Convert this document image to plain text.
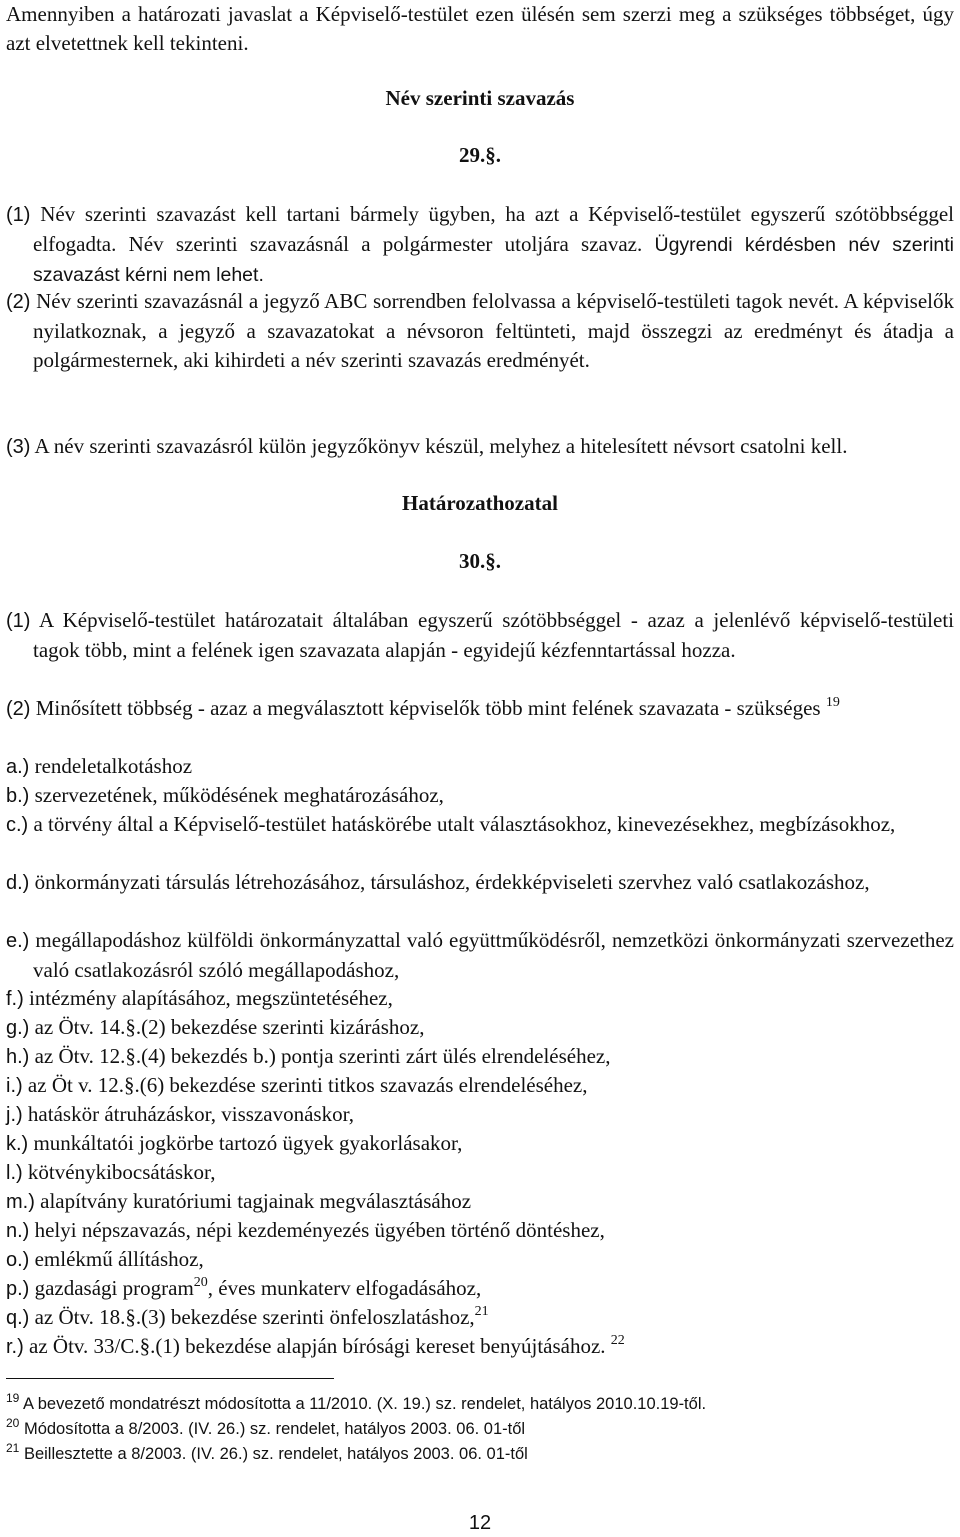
Amennyiben a határozati javaslat a Képviselő-testület ezen ülésén sem szerzi meg a szükséges többséget, úgy azt elvetettnek kell tekinteni.
Név szerinti szavazás
29.§.
(1) Név szerinti szavazást kell tartani bármely ügyben, ha azt a Képviselő-testület egyszerű szótöbbséggel elfogadta. Név szerinti szavazásnál a polgármester utoljára szavaz. Ügyrendi kérdésben név szerinti szavazást kérni nem lehet.
(2) Név szerinti szavazásnál a jegyző ABC sorrendben felolvassa a képviselő-testületi tagok nevét. A képviselők nyilatkoznak, a jegyző a szavazatokat a névsoron feltünteti, majd összegzi az eredményt és átadja a polgármesternek, aki kihirdeti a név szerinti szavazás eredményét.
(3) A név szerinti szavazásról külön jegyzőkönyv készül, melyhez a hitelesített névsort csatolni kell.
Határozathozatal
30.§.
(1) A Képviselő-testület határozatait általában egyszerű szótöbbséggel - azaz a jelenlévő képviselő-testületi tagok több, mint a felének igen szavazata alapján - egyidejű kézfenntartással hozza.
(2) Minősített többség - azaz a megválasztott képviselők több mint felének szavazata - szükséges $^{19}$
a.) rendeletalkotáshoz
b.) szervezetének, működésének meghatározásához,
c.) a törvény által a Képviselő-testület hatáskörébe utalt választásokhoz, kinevezésekhez, megbízásokhoz,
d.) önkormányzati társulás létrehozásához, társuláshoz, érdekképviseleti szervhez való csatlakozáshoz,
e.) megállapodáshoz külföldi önkormányzattal való együttműködésről, nemzetközi önkormányzati szervezethez való csatlakozásról szóló megállapodáshoz,
f.) intézmény alapításához, megszüntetéséhez,
g.) az Ötv. 14.§.(2) bekezdése szerinti kizáráshoz,
h.) az Ötv. 12.§.(4) bekezdés b.) pontja szerinti zárt ülés elrendeléséhez,
i.) az Öt v. 12.§.(6) bekezdése szerinti titkos szavazás elrendeléséhez,
j.) hatáskör átruházáskor, visszavonáskor,
k.) munkáltatói jogkörbe tartozó ügyek gyakorlásakor,
l.) kötvénykibocsátáskor,
m.) alapítvány kuratóriumi tagjainak megválasztásához
n.) helyi népszavazás, népi kezdeményezés ügyében történő döntéshez,
o.) emlékmű állításhoz,
p.) gazdasági program$^{20}$, éves munkaterv elfogadásához,
q.) az Ötv. 18.§.(3) bekezdése szerinti önfeloszlatáshoz,$^{21}$
r.) az Ötv. 33/C.§.(1) bekezdése alapján bírósági kereset benyújtásához. $^{22}$
$^{19}$ A bevezető mondatrészt módosította a 11/2010. (X. 19.) sz. rendelet, hatályos 2010.10.19-től.
$^{20}$ Módosította a 8/2003. (IV. 26.) sz. rendelet, hatályos 2003. 06. 01-től
$^{21}$ Beillesztette a 8/2003. (IV. 26.) sz. rendelet, hatályos 2003. 06. 01-től
12
